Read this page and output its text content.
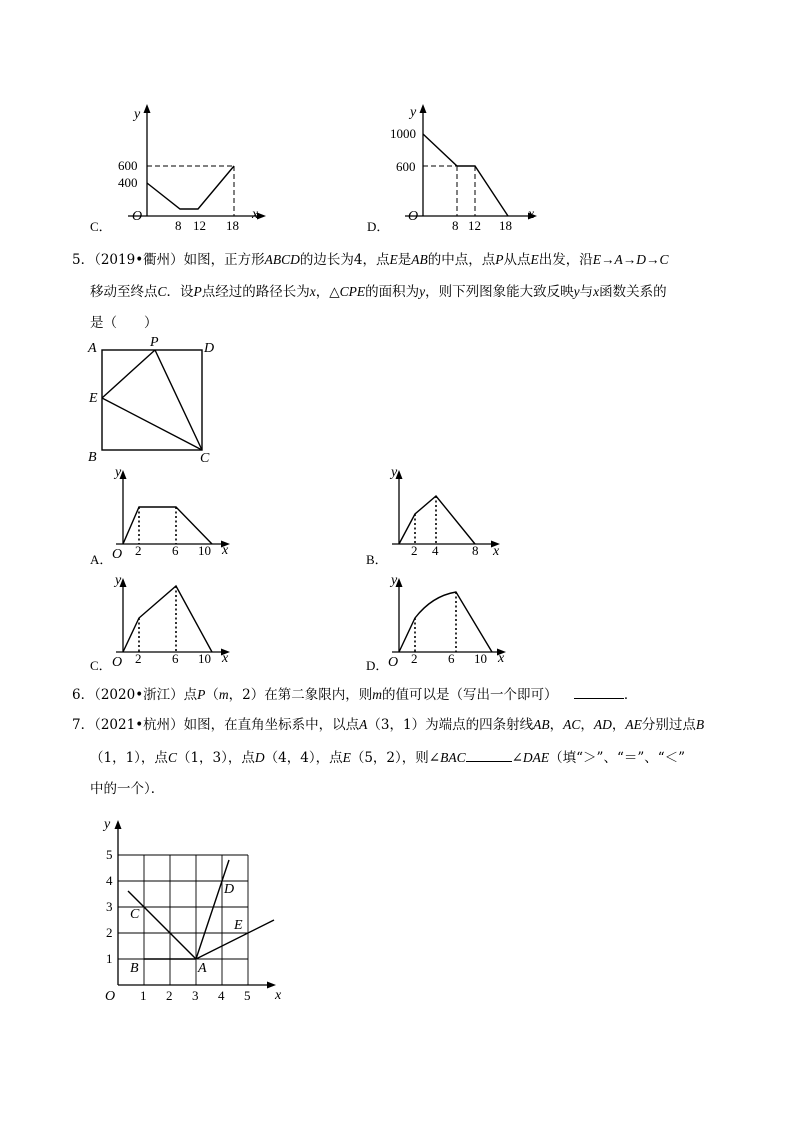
y
x
O
600
400
8 12 18
C．
y
x
O
1000
600
8 12 18
D．
5．（2019•衢州）如图，正方形ABCD的边长为4，点E是AB的中点，点P从点E出发，沿E→A→D→C
移动至终点C．设P点经过的路径长为x，△CPE的面积为y，则下列图象能大致反映y与x函数关系的
是（　　）
A	P	D
E
B	C
y
x
O 2 6 10
A．
y
x
2 4	8
B．
y
x
O 2 6 10
C．
y
x
O 2 6 10
D．
6．（2020•浙江）点P（m，2）在第二象限内，则m的值可以是（写出一个即可）	．
7．（2021•杭州）如图，在直角坐标系中，以点A（3，1）为端点的四条射线AB，AC，AD，AE分别过点B
（1，1），点C（1，3），点D（4，4），点E（5，2），则∠BAC	∠DAE（填“＞”、“＝”、“＜”
中的一个）．
y
x
O 1 2 3 4 5
1
2
3
4
5
A
B
C
D
E
